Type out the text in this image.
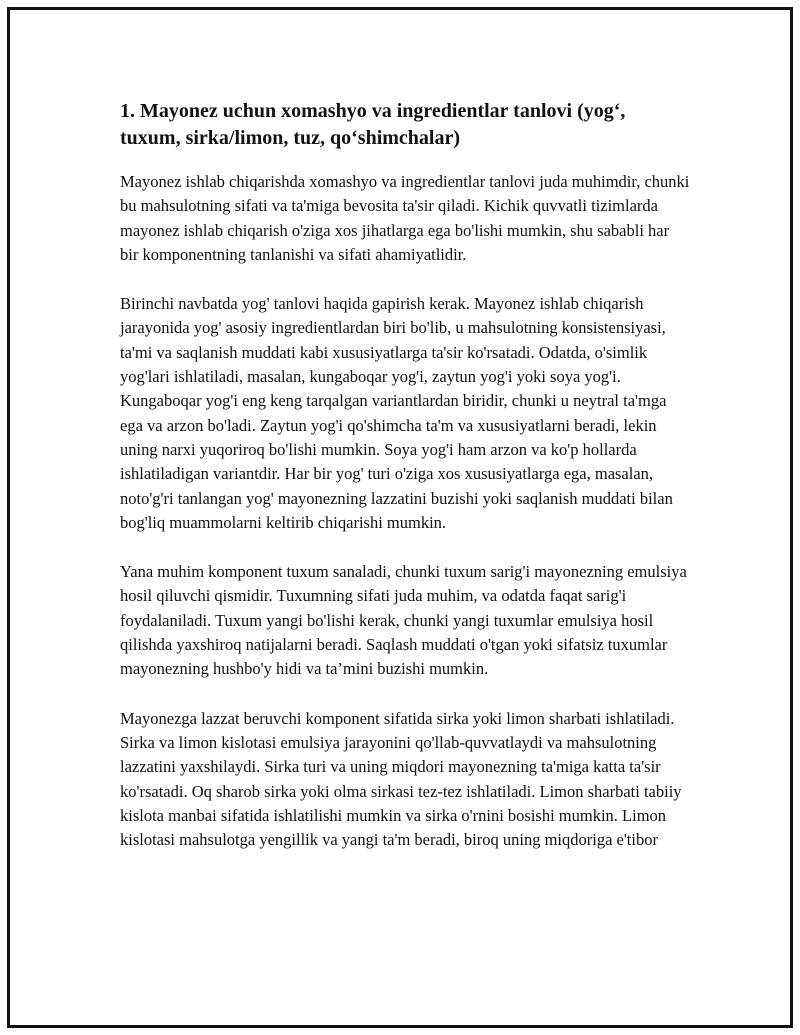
1. Mayonez uchun xomashyo va ingredientlar tanlovi (yog‘, tuxum, sirka/limon, tuz, qo‘shimchalar)

Mayonez ishlab chiqarishda xomashyo va ingredientlar tanlovi juda muhimdir, chunki bu mahsulotning sifati va ta'miga bevosita ta'sir qiladi. Kichik quvvatli tizimlarda mayonez ishlab chiqarish o'ziga xos jihatlarga ega bo'lishi mumkin, shu sababli har bir komponentning tanlanishi va sifati ahamiyatlidir.

Birinchi navbatda yog' tanlovi haqida gapirish kerak. Mayonez ishlab chiqarish jarayonida yog' asosiy ingredientlardan biri bo'lib, u mahsulotning konsistensiyasi, ta'mi va saqlanish muddati kabi xususiyatlarga ta'sir ko'rsatadi. Odatda, o'simlik yog'lari ishlatiladi, masalan, kungaboqar yog'i, zaytun yog'i yoki soya yog'i. Kungaboqar yog'i eng keng tarqalgan variantlardan biridir, chunki u neytral ta'mga ega va arzon bo'ladi. Zaytun yog'i qo'shimcha ta'm va xususiyatlarni beradi, lekin uning narxi yuqoriroq bo'lishi mumkin. Soya yog'i ham arzon va ko'p hollarda ishlatiladigan variantdir. Har bir yog' turi o'ziga xos xususiyatlarga ega, masalan, noto'g'ri tanlangan yog' mayonezning lazzatini buzishi yoki saqlanish muddati bilan bog'liq muammolarni keltirib chiqarishi mumkin.

Yana muhim komponent tuxum sanaladi, chunki tuxum sarig'i mayonezning emulsiya hosil qiluvchi qismidir. Tuxumning sifati juda muhim, va odatda faqat sarig'i foydalaniladi. Tuxum yangi bo'lishi kerak, chunki yangi tuxumlar emulsiya hosil qilishda yaxshiroq natijalarni beradi. Saqlash muddati o'tgan yoki sifatsiz tuxumlar mayonezning hushbo'y hidi va ta’mini buzishi mumkin.

Mayonezga lazzat beruvchi komponent sifatida sirka yoki limon sharbati ishlatiladi. Sirka va limon kislotasi emulsiya jarayonini qo'llab-quvvatlaydi va mahsulotning lazzatini yaxshilaydi. Sirka turi va uning miqdori mayonezning ta'miga katta ta'sir ko'rsatadi. Oq sharob sirka yoki olma sirkasi tez-tez ishlatiladi. Limon sharbati tabiiy kislota manbai sifatida ishlatilishi mumkin va sirka o'rnini bosishi mumkin. Limon kislotasi mahsulotga yengillik va yangi ta'm beradi, biroq uning miqdoriga e'tibor
